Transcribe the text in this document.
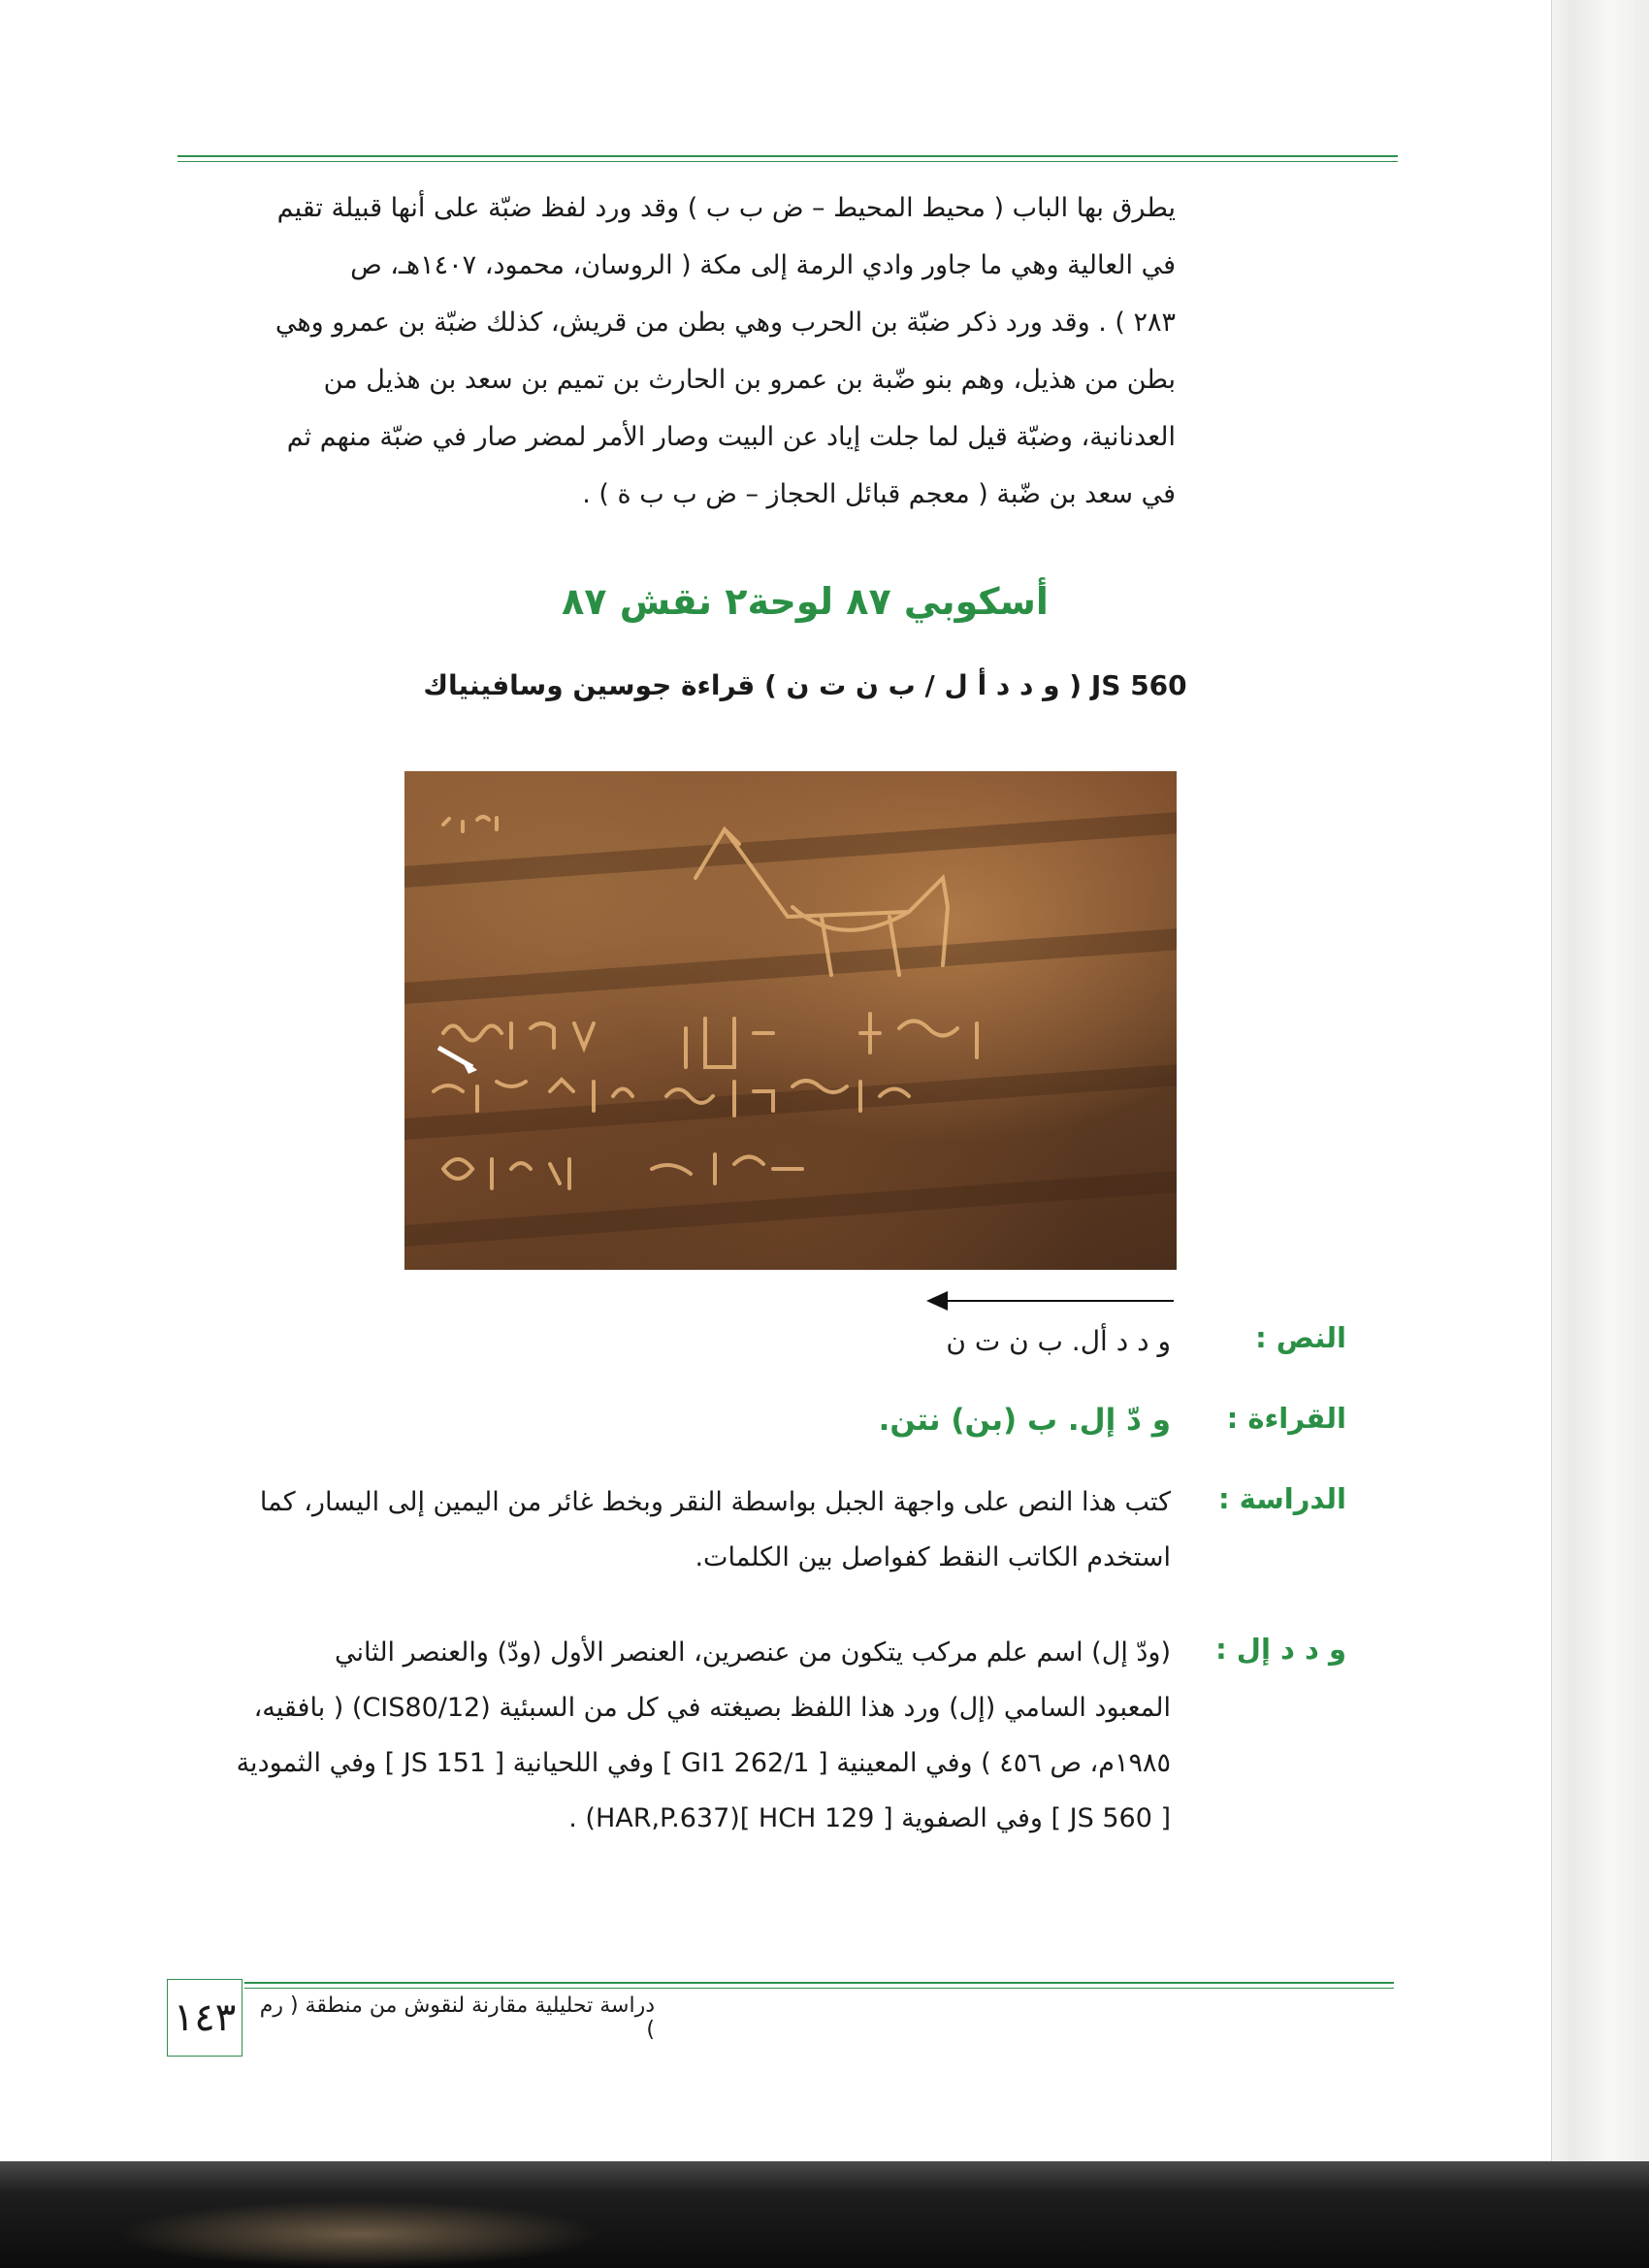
يطرق بها الباب ( محيط المحيط – ض ب ب ) وقد ورد لفظ ضبّة على أنها قبيلة تقيم
في العالية وهي ما جاور وادي الرمة إلى مكة ( الروسان، محمود، ١٤٠٧هـ، ص
٢٨٣ ) . وقد ورد ذكر ضبّة بن الحرب وهي بطن من قريش، كذلك ضبّة بن عمرو وهي
بطن من هذيل، وهم بنو ضّبة بن عمرو بن الحارث بن تميم بن سعد بن هذيل من
العدنانية، وضبّة قيل لما جلت إياد عن البيت وصار الأمر لمضر صار في ضبّة منهم ثم
في سعد بن ضّبة ( معجم قبائل الحجاز – ض ب ب ة ) .
أسكوبي ٨٧ لوحة٢ نقش ٨٧
JS 560 ( و د د أ ل / ب ن ت ن ) قراءة جوسين وسافينياك
النص :
و د د أل. ب ن ت ن
القراءة :
و دّ إل. ب (بن) نتن.
الدراسة :
كتب هذا النص على واجهة الجبل بواسطة النقر وبخط غائر من اليمين إلى اليسار، كما
استخدم الكاتب النقط كفواصل بين الكلمات.
و د د إل :
(ودّ إل) اسم علم مركب يتكون من عنصرين، العنصر الأول (ودّ) والعنصر الثاني
المعبود السامي (إل) ورد هذا اللفظ بصيغته في كل من السبئية (CIS80/12) ( بافقيه،
١٩٨٥م، ص ٤٥٦ ) وفي المعينية [ GI1 262/1 ] وفي اللحيانية [ JS 151 ] وفي الثمودية
[ JS 560 ] وفي الصفوية [ HCH 129 ](HAR,P.637) .
دراسة تحليلية مقارنة لنقوش من منطقة ( رم )
١٤٣
